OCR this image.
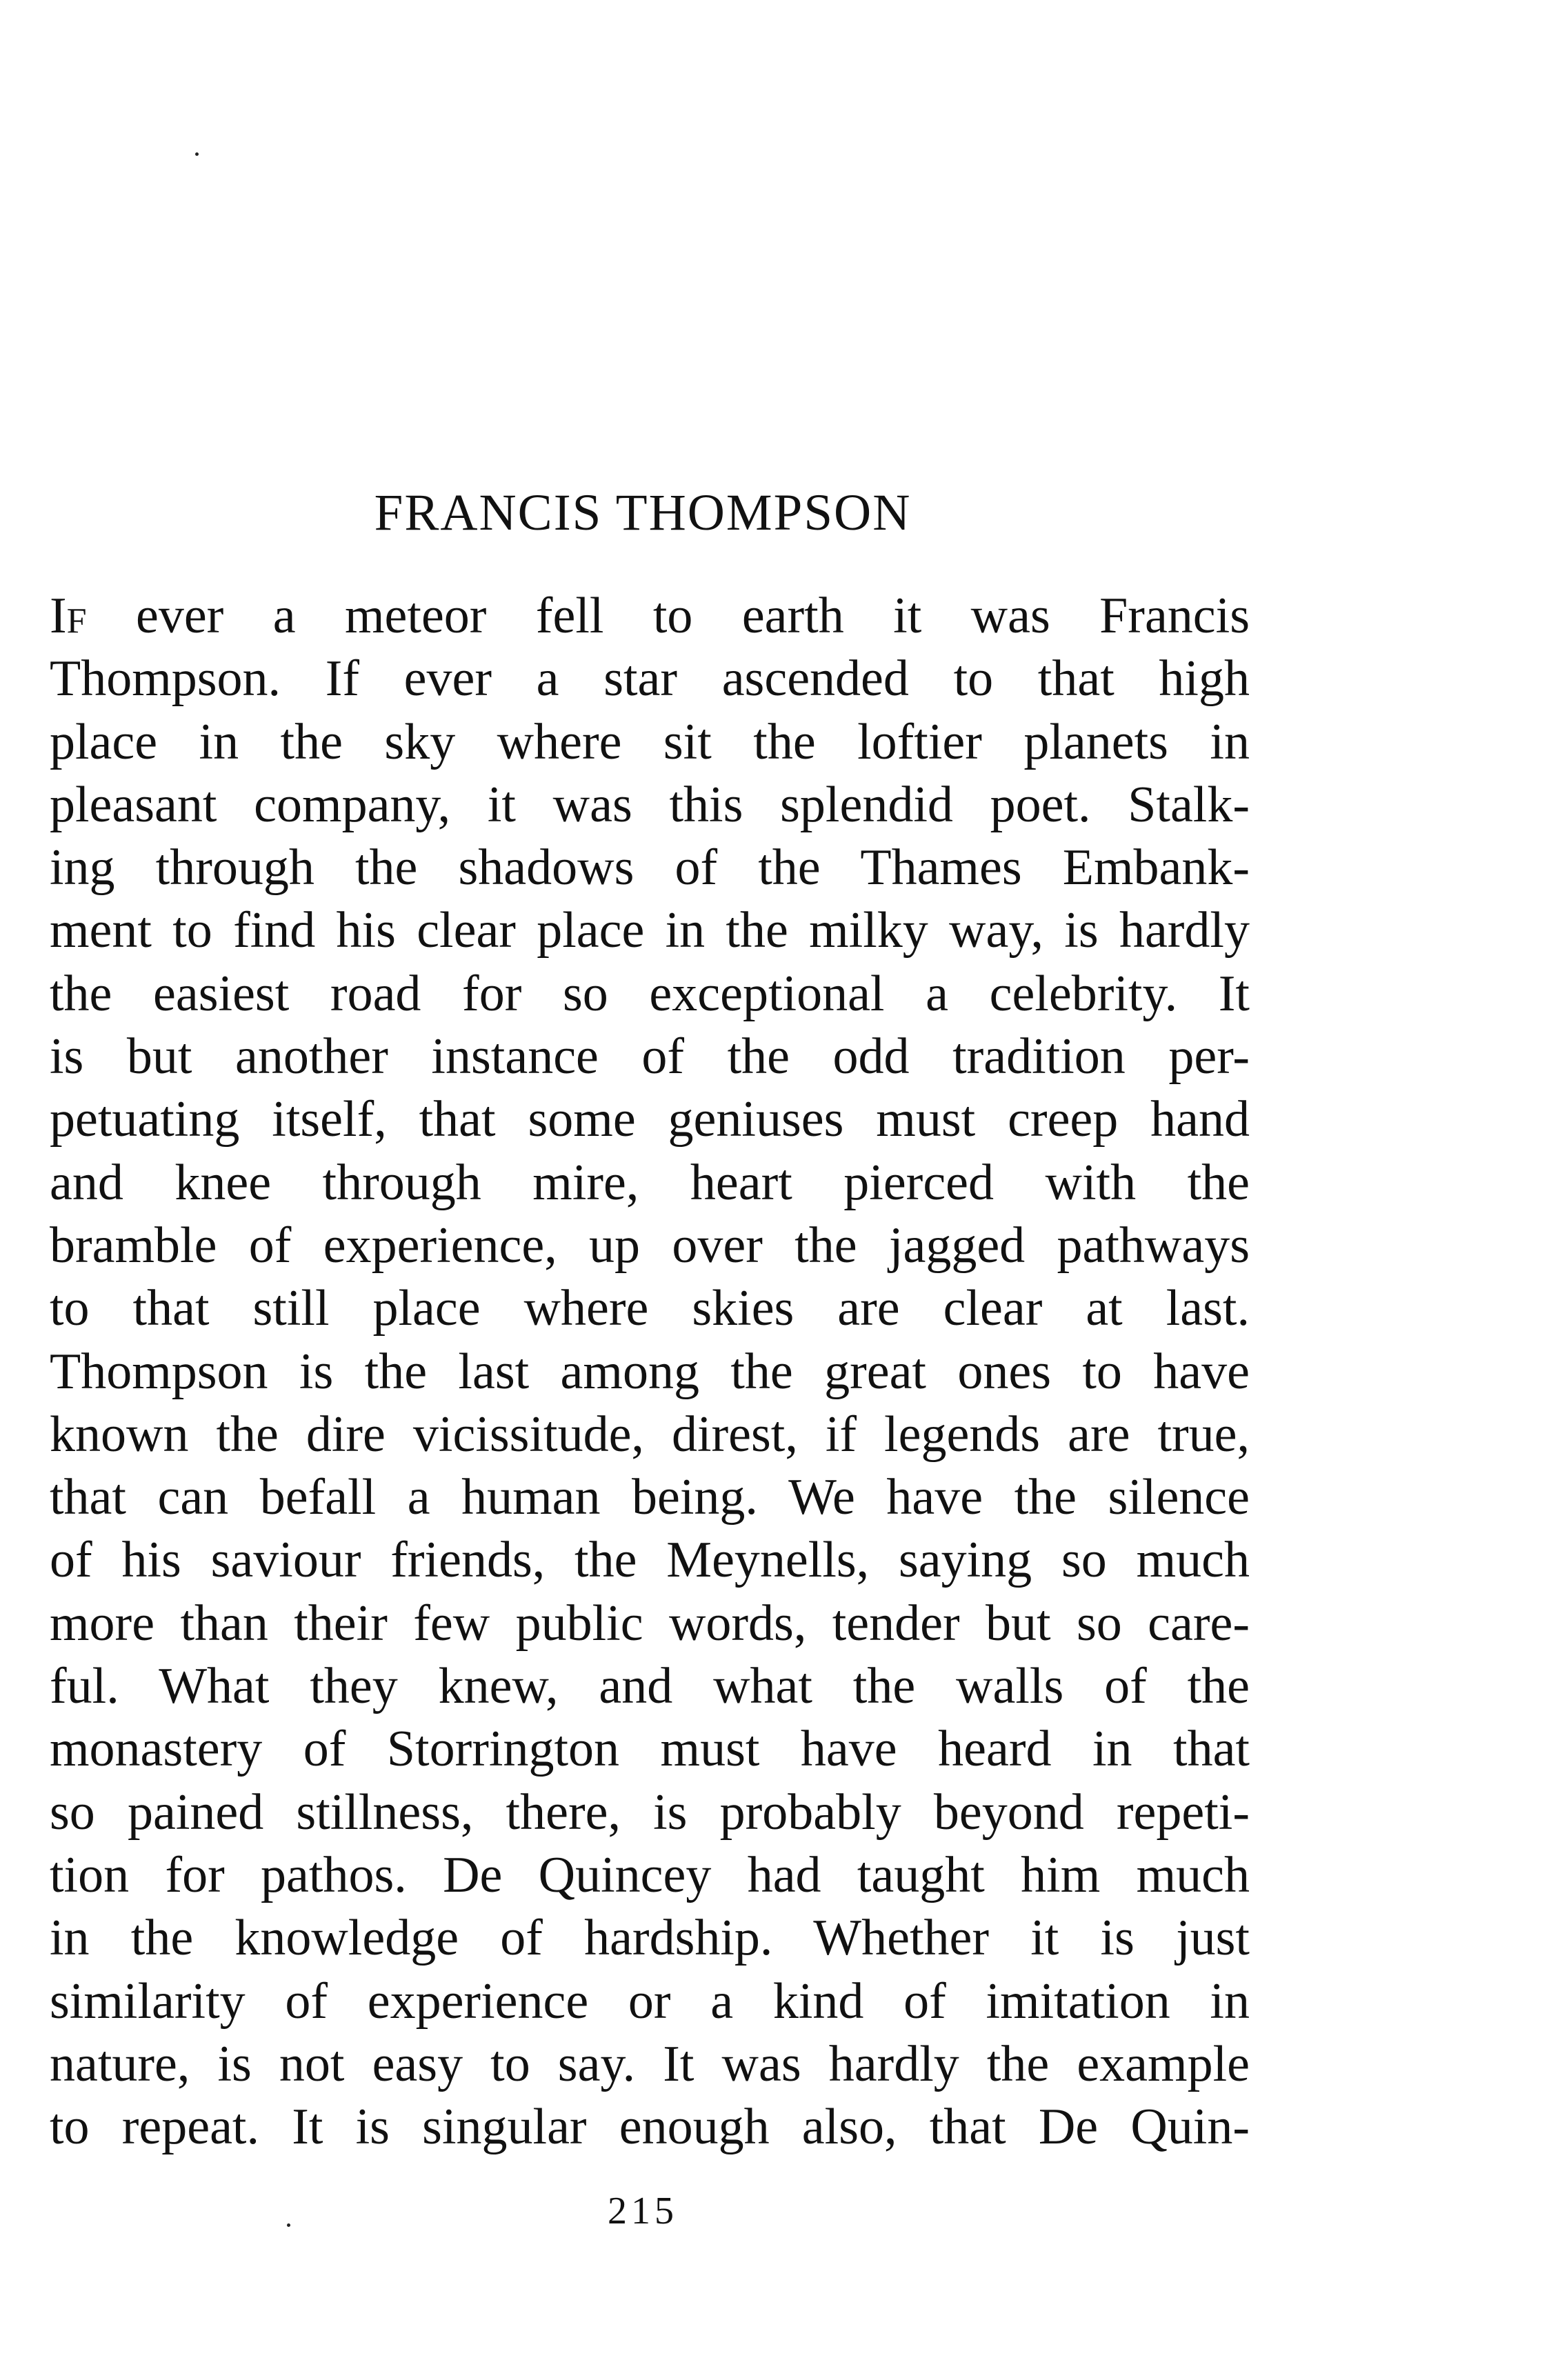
FRANCIS THOMPSON
If ever a meteor fell to earth it was Francis
Thompson. If ever a star ascended to that high
place in the sky where sit the loftier planets in
pleasant company, it was this splendid poet. Stalk-
ing through the shadows of the Thames Embank-
ment to find his clear place in the milky way, is hardly
the easiest road for so exceptional a celebrity. It
is but another instance of the odd tradition per-
petuating itself, that some geniuses must creep hand
and knee through mire, heart pierced with the
bramble of experience, up over the jagged pathways
to that still place where skies are clear at last.
Thompson is the last among the great ones to have
known the dire vicissitude, direst, if legends are true,
that can befall a human being. We have the silence
of his saviour friends, the Meynells, saying so much
more than their few public words, tender but so care-
ful. What they knew, and what the walls of the
monastery of Storrington must have heard in that
so pained stillness, there, is probably beyond repeti-
tion for pathos. De Quincey had taught him much
in the knowledge of hardship. Whether it is just
similarity of experience or a kind of imitation in
nature, is not easy to say. It was hardly the example
to repeat. It is singular enough also, that De Quin-
215
